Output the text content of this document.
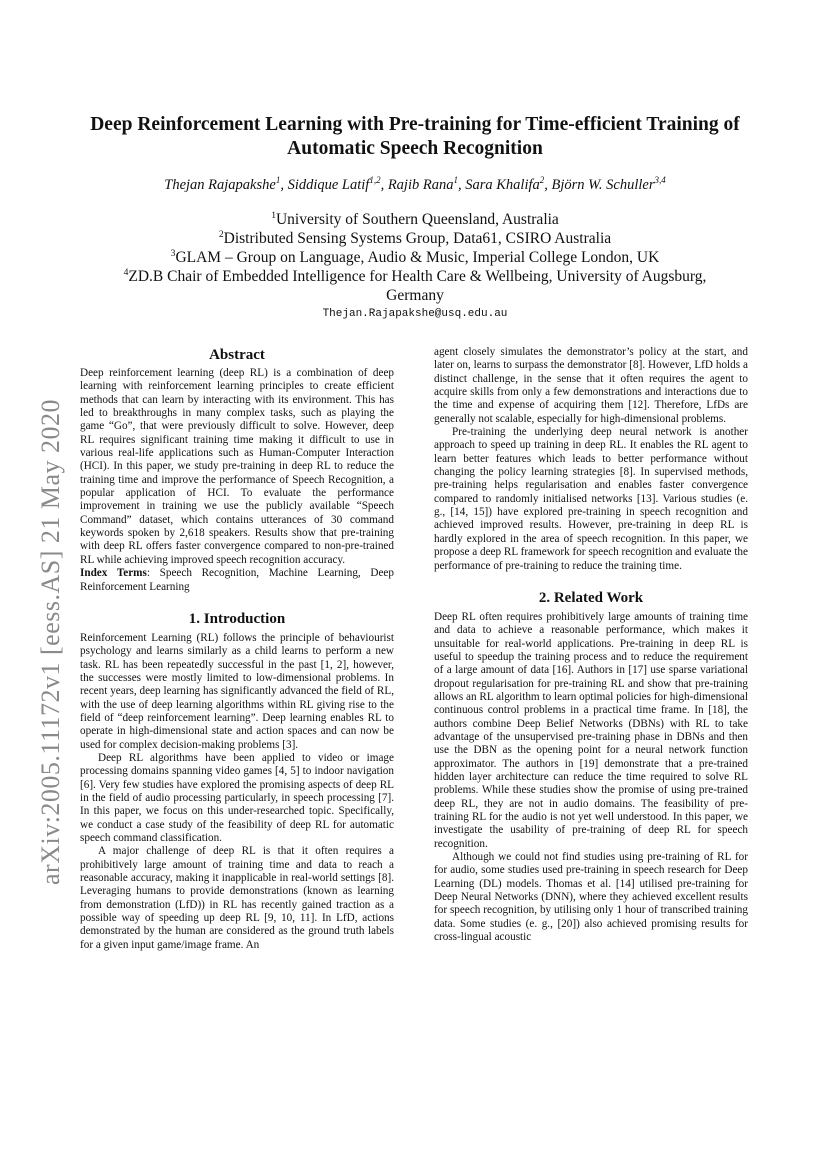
arXiv:2005.11172v1 [eess.AS] 21 May 2020
Deep Reinforcement Learning with Pre-training for Time-efficient Training of
Automatic Speech Recognition
Thejan Rajapakshe$^1$, Siddique Latif$^{1,2}$, Rajib Rana$^1$, Sara Khalifa$^2$, Björn W. Schuller$^{3,4}$
$^1$University of Southern Queensland, Australia
$^2$Distributed Sensing Systems Group, Data61, CSIRO Australia
$^3$GLAM – Group on Language, Audio & Music, Imperial College London, UK
$^4$ZD.B Chair of Embedded Intelligence for Health Care & Wellbeing, University of Augsburg,
Germany
Thejan.Rajapakshe@usq.edu.au
Abstract

Deep reinforcement learning (deep RL) is a combination of deep learning with reinforcement learning principles to create efficient methods that can learn by interacting with its environment. This has led to breakthroughs in many complex tasks, such as playing the game “Go”, that were previously difficult to solve. However, deep RL requires significant training time making it difficult to use in various real-life applications such as Human-Computer Interaction (HCI). In this paper, we study pre-training in deep RL to reduce the training time and improve the performance of Speech Recognition, a popular application of HCI. To evaluate the performance improvement in training we use the publicly available “Speech Command” dataset, which contains utterances of 30 command keywords spoken by 2,618 speakers. Results show that pre-training with deep RL offers faster convergence compared to non-pre-trained RL while achieving improved speech recognition accuracy.

Index Terms: Speech Recognition, Machine Learning, Deep Reinforcement Learning

1. Introduction

Reinforcement Learning (RL) follows the principle of behaviourist psychology and learns similarly as a child learns to perform a new task. RL has been repeatedly successful in the past [1, 2], however, the successes were mostly limited to low-dimensional problems. In recent years, deep learning has significantly advanced the field of RL, with the use of deep learning algorithms within RL giving rise to the field of “deep reinforcement learning”. Deep learning enables RL to operate in high-dimensional state and action spaces and can now be used for complex decision-making problems [3].

Deep RL algorithms have been applied to video or image processing domains spanning video games [4, 5] to indoor navigation [6]. Very few studies have explored the promising aspects of deep RL in the field of audio processing particularly, in speech processing [7]. In this paper, we focus on this under-researched topic. Specifically, we conduct a case study of the feasibility of deep RL for automatic speech command classification.

A major challenge of deep RL is that it often requires a prohibitively large amount of training time and data to reach a reasonable accuracy, making it inapplicable in real-world settings [8]. Leveraging humans to provide demonstrations (known as learning from demonstration (LfD)) in RL has recently gained traction as a possible way of speeding up deep RL [9, 10, 11]. In LfD, actions demonstrated by the human are considered as the ground truth labels for a given input game/image frame. An

agent closely simulates the demonstrator’s policy at the start, and later on, learns to surpass the demonstrator [8]. However, LfD holds a distinct challenge, in the sense that it often requires the agent to acquire skills from only a few demonstrations and interactions due to the time and expense of acquiring them [12]. Therefore, LfDs are generally not scalable, especially for high-dimensional problems.

Pre-training the underlying deep neural network is another approach to speed up training in deep RL. It enables the RL agent to learn better features which leads to better performance without changing the policy learning strategies [8]. In supervised methods, pre-training helps regularisation and enables faster convergence compared to randomly initialised networks [13]. Various studies (e. g., [14, 15]) have explored pre-training in speech recognition and achieved improved results. However, pre-training in deep RL is hardly explored in the area of speech recognition. In this paper, we propose a deep RL framework for speech recognition and evaluate the performance of pre-training to reduce the training time.

2. Related Work

Deep RL often requires prohibitively large amounts of training time and data to achieve a reasonable performance, which makes it unsuitable for real-world applications. Pre-training in deep RL is useful to speedup the training process and to reduce the requirement of a large amount of data [16]. Authors in [17] use sparse variational dropout regularisation for pre-training RL and show that pre-training allows an RL algorithm to learn optimal policies for high-dimensional continuous control problems in a practical time frame. In [18], the authors combine Deep Belief Networks (DBNs) with RL to take advantage of the unsupervised pre-training phase in DBNs and then use the DBN as the opening point for a neural network function approximator. The authors in [19] demonstrate that a pre-trained hidden layer architecture can reduce the time required to solve RL problems. While these studies show the promise of using pre-trained deep RL, they are not in audio domains. The feasibility of pre-training RL for the audio is not yet well understood. In this paper, we investigate the usability of pre-training of deep RL for speech recognition.

Although we could not find studies using pre-training of RL for for audio, some studies used pre-training in speech research for Deep Learning (DL) models. Thomas et al. [14] utilised pre-training for Deep Neural Networks (DNN), where they achieved excellent results for speech recognition, by utilising only 1 hour of transcribed training data. Some studies (e. g., [20]) also achieved promising results for cross-lingual acoustic
